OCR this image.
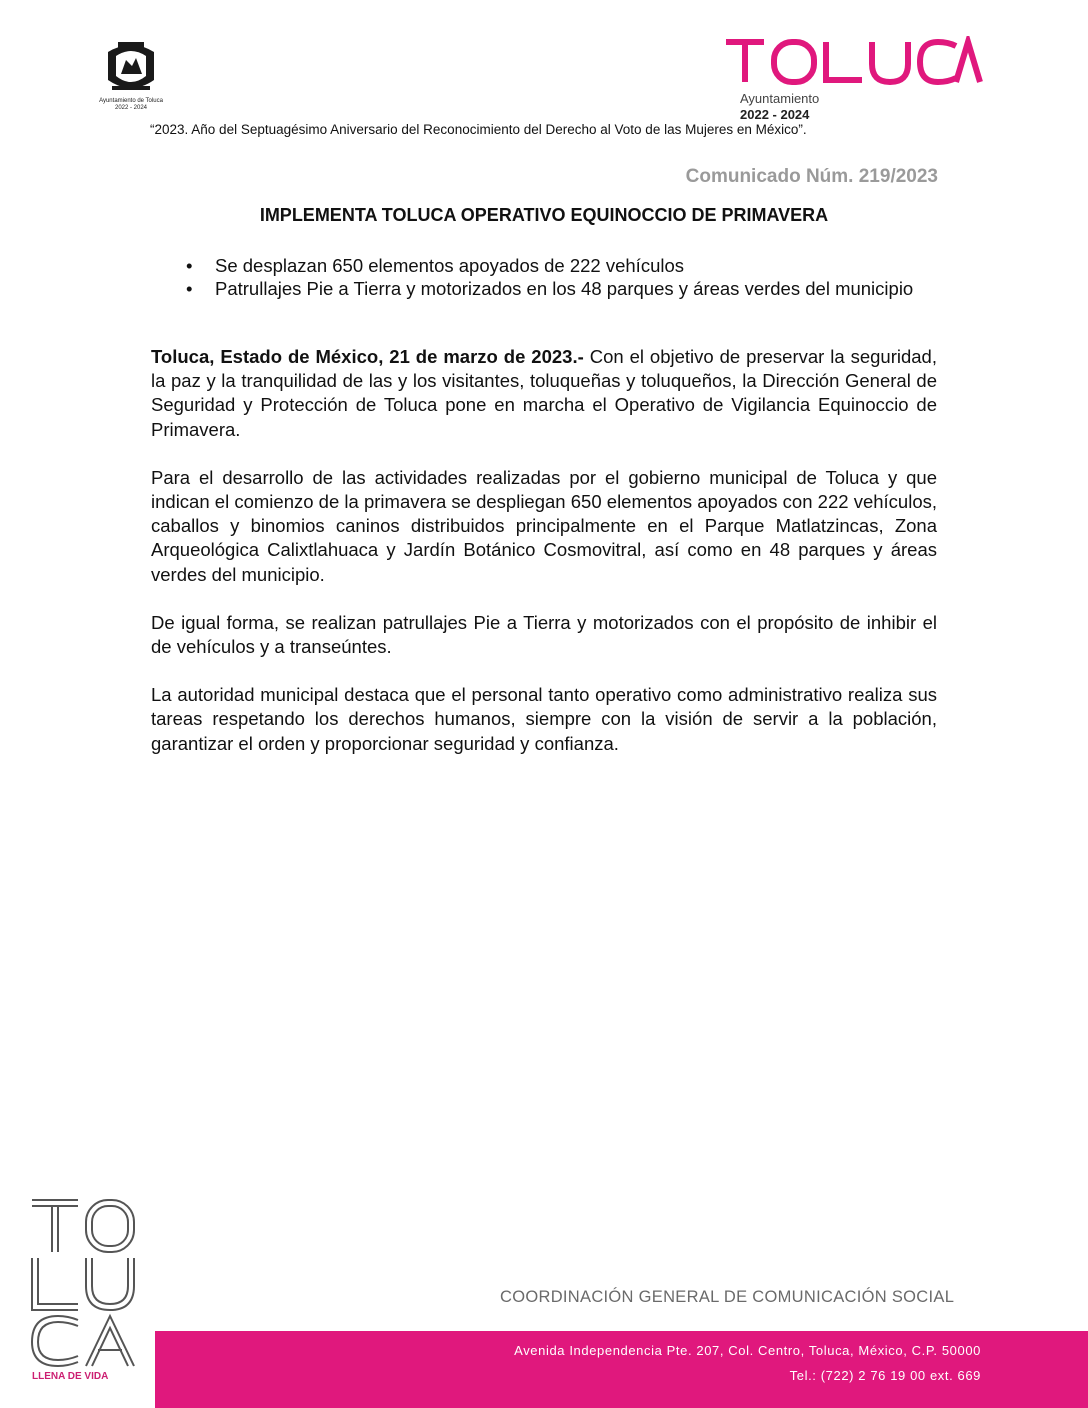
Ayuntamiento de Toluca
2022 - 2024
Ayuntamiento
2022 - 2024
“2023. Año del Septuagésimo Aniversario del Reconocimiento del Derecho al Voto de las Mujeres en México”.
Comunicado Núm. 219/2023
IMPLEMENTA TOLUCA OPERATIVO EQUINOCCIO DE PRIMAVERA
• Se desplazan 650 elementos apoyados de 222 vehículos
• Patrullajes Pie a Tierra y motorizados en los 48 parques y áreas verdes del municipio

Toluca, Estado de México, 21 de marzo de 2023.- Con el objetivo de preservar la seguridad, la paz y la tranquilidad de las y los visitantes, toluqueñas y toluqueños, la Dirección General de Seguridad y Protección de Toluca pone en marcha el Operativo de Vigilancia Equinoccio de Primavera.

Para el desarrollo de las actividades realizadas por el gobierno municipal de Toluca y que indican el comienzo de la primavera se despliegan 650 elementos apoyados con 222 vehículos, caballos y binomios caninos distribuidos principalmente en el Parque Matlatzincas, Zona Arqueológica Calixtlahuaca y Jardín Botánico Cosmovitral, así como en 48 parques y áreas verdes del municipio.

De igual forma, se realizan patrullajes Pie a Tierra y motorizados con el propósito de inhibir el de vehículos y a transeúntes.

La autoridad municipal destaca que el personal tanto operativo como administrativo realiza sus tareas respetando los derechos humanos, siempre con la visión de servir a la población, garantizar el orden y proporcionar seguridad y confianza.

LLENA DE VIDA
COORDINACIÓN GENERAL DE COMUNICACIÓN SOCIAL
Avenida Independencia Pte. 207, Col. Centro, Toluca, México, C.P. 50000
Tel.: (722) 2 76 19 00 ext. 669
